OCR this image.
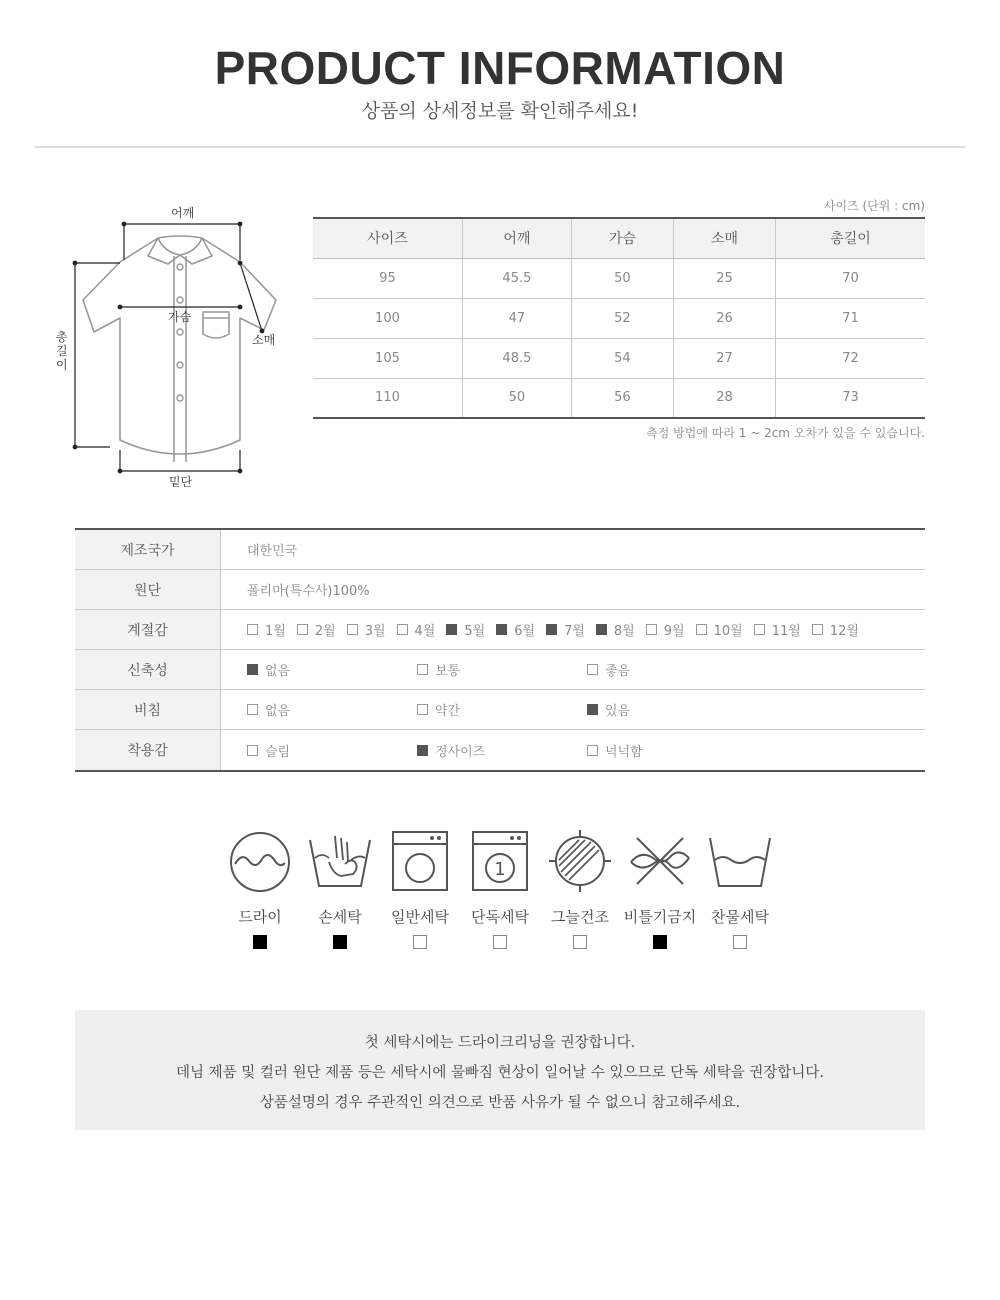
PRODUCT INFORMATION
상품의 상세정보를 확인해주세요!
어깨
가슴
소매
총길이
밑단
사이즈 (단위 : cm)
사이즈	어깨	가슴	소매	총길이
95	45.5	50	25	70
100	47	52	26	71
105	48.5	54	27	72
110	50	56	28	73
측정 방법에 따라 1 ~ 2cm 오차가 있을 수 있습니다.
제조국가	대한민국
원단	폴리마(특수사)100%
계절감	1월 2월 3월 4월 5월 6월 7월 8월 9월 10월 11월 12월
신축성	없음	보통	좋음
비침	없음	약간	있음
착용감	슬림	정사이즈	넉넉함
드라이 손세탁 일반세탁
1
단독세탁 그늘건조 비틀기금지 찬물세탁

첫 세탁시에는 드라이크리닝을 권장합니다.

데님 제품 및 컬러 원단 제품 등은 세탁시에 물빠짐 현상이 일어날 수 있으므로 단독 세탁을 권장합니다.

상품설명의 경우 주관적인 의견으로 반품 사유가 될 수 없으니 참고해주세요.
